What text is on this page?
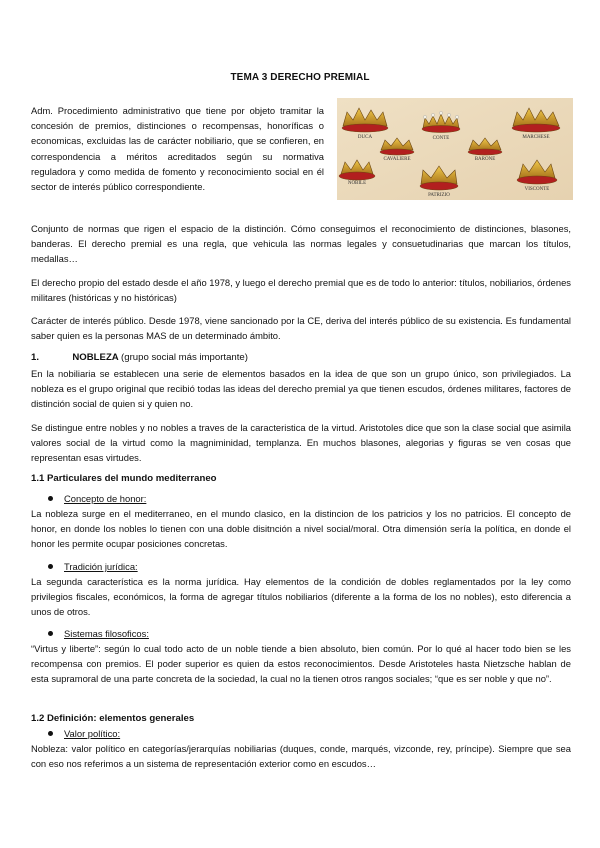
TEMA 3 DERECHO PREMIAL

Adm. Procedimiento administrativo que tiene por objeto tramitar la concesión de premios, distinciones o recompensas, honoríficas o economicas, excluidas las de carácter nobiliario, que se confieren, en correspondencia a méritos acreditados según su normativa reguladora y como medida de fomento y reconocimiento social en él sector de interés público correspondiente.

DUCA	CONTE	MARCHESE
CAVALIERE	BARONE
NOBILE
PATRIZIO
VISCONTE

Conjunto de normas que rigen el espacio de la distinción. Cómo conseguimos el reconocimiento de distinciones, blasones, banderas. El derecho premial es una regla, que vehicula las normas legales y consuetudinarias que marcan los títulos, medallas…

El derecho propio del estado desde el año 1978, y luego el derecho premial que es de todo lo anterior: títulos, nobiliarios, órdenes militares (históricas y no históricas)

Carácter de interés público. Desde 1978, viene sancionado por la CE, deriva del interés público de su existencia. Es fundamental saber quien es la personas MAS de un determinado ámbito.

1.	NOBLEZA (grupo social más importante)

En la nobiliaria se establecen una serie de elementos basados en la idea de que son un grupo único, son privilegiados. La nobleza es el grupo original que recibió todas las ideas del derecho premial ya que tienen escudos, órdenes militares, factores de distinción social de quien si y quien no.

Se distingue entre nobles y no nobles a traves de la caracteristica de la virtud. Aristotoles dice que son la clase social que asimila valores social de la virtud como la magniminidad, templanza. En muchos blasones, alegorias y figuras se ven cosas que representan esas virtudes.

1.1 Particulares del mundo mediterraneo
Concepto de honor:

La nobleza surge en el mediterraneo, en el mundo clasico, en la distincion de los patricios y los no patricios. El concepto de honor, en donde los nobles lo tienen con una doble disitnción a nivel social/moral. Otra dimensión sería la política, en donde el honor les permite ocupar posiciones concretas.

Tradición jurídica:

La segunda característica es la norma jurídica. Hay elementos de la condición de dobles reglamentados por la ley como privilegios fiscales, económicos, la forma de agregar títulos nobiliarios (diferente a la forma de los no nobles), esto diferencia a unos de otros.

Sistemas filosoficos:

“Virtus y liberte”: según lo cual todo acto de un noble tiende a bien absoluto, bien común. Por lo qué al hacer todo bien se les recompensa con premios. El poder superior es quien da estos reconocimientos. Desde Aristoteles hasta Nietzsche hablan de esta supramoral de una parte concreta de la sociedad, la cual no la tienen otros rangos sociales; “que es ser noble y que no”.

1.2 Definición: elementos generales
Valor político:

Nobleza: valor político en categorías/jerarquías nobiliarias (duques, conde, marqués, vizconde, rey, príncipe). Siempre que sea con eso nos referimos a un sistema de representación exterior como en escudos…
